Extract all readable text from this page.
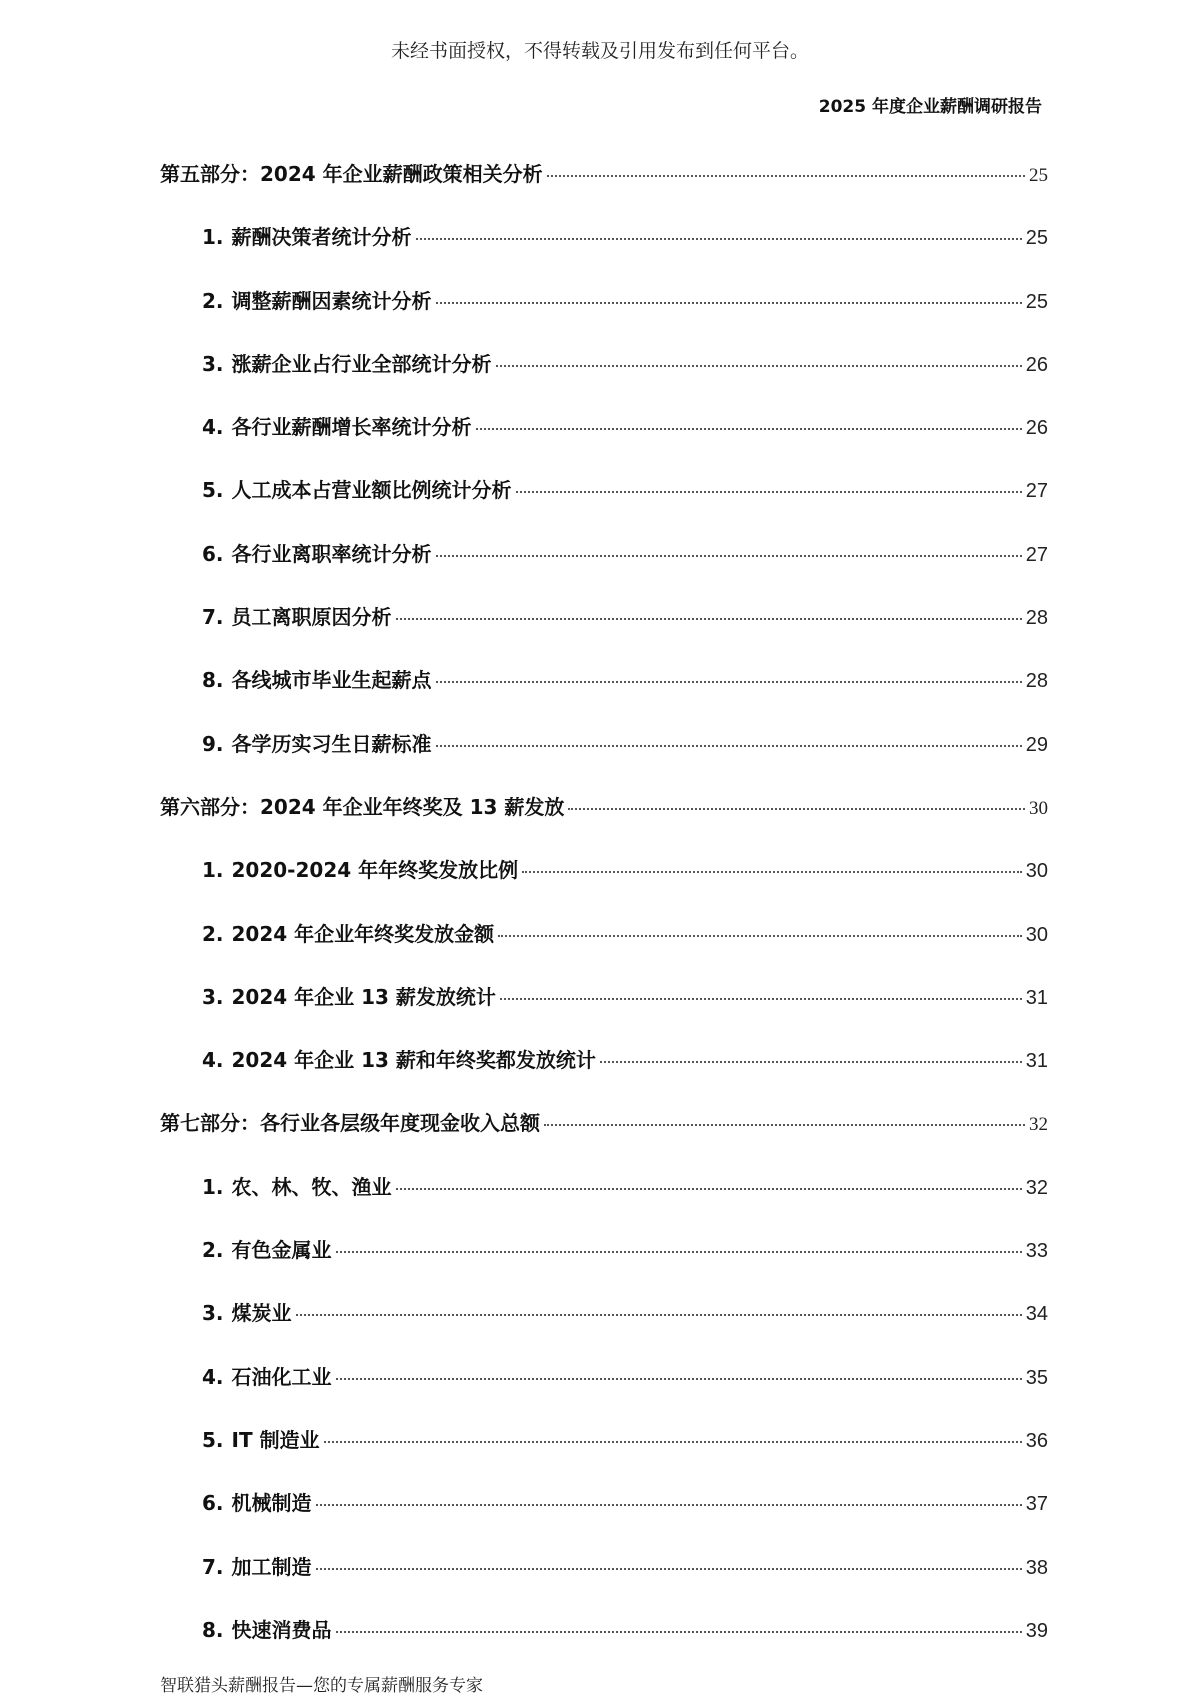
未经书面授权，不得转载及引用发布到任何平台。
2025 年度企业薪酬调研报告
第五部分：2024 年企业薪酬政策相关分析	25
1. 薪酬决策者统计分析	25
2. 调整薪酬因素统计分析	25
3. 涨薪企业占行业全部统计分析	26
4. 各行业薪酬增长率统计分析	26
5. 人工成本占营业额比例统计分析	27
6. 各行业离职率统计分析	27
7. 员工离职原因分析	28
8. 各线城市毕业生起薪点	28
9. 各学历实习生日薪标准	29
第六部分：2024 年企业年终奖及 13 薪发放	30
1. 2020-2024 年年终奖发放比例	30
2. 2024 年企业年终奖发放金额	30
3. 2024 年企业 13 薪发放统计	31
4. 2024 年企业 13 薪和年终奖都发放统计	31
第七部分：各行业各层级年度现金收入总额	32
1. 农、林、牧、渔业	32
2. 有色金属业	33
3. 煤炭业	34
4. 石油化工业	35
5. IT 制造业	36
6. 机械制造	37
7. 加工制造	38
8. 快速消费品	39
智联猎头薪酬报告—您的专属薪酬服务专家
